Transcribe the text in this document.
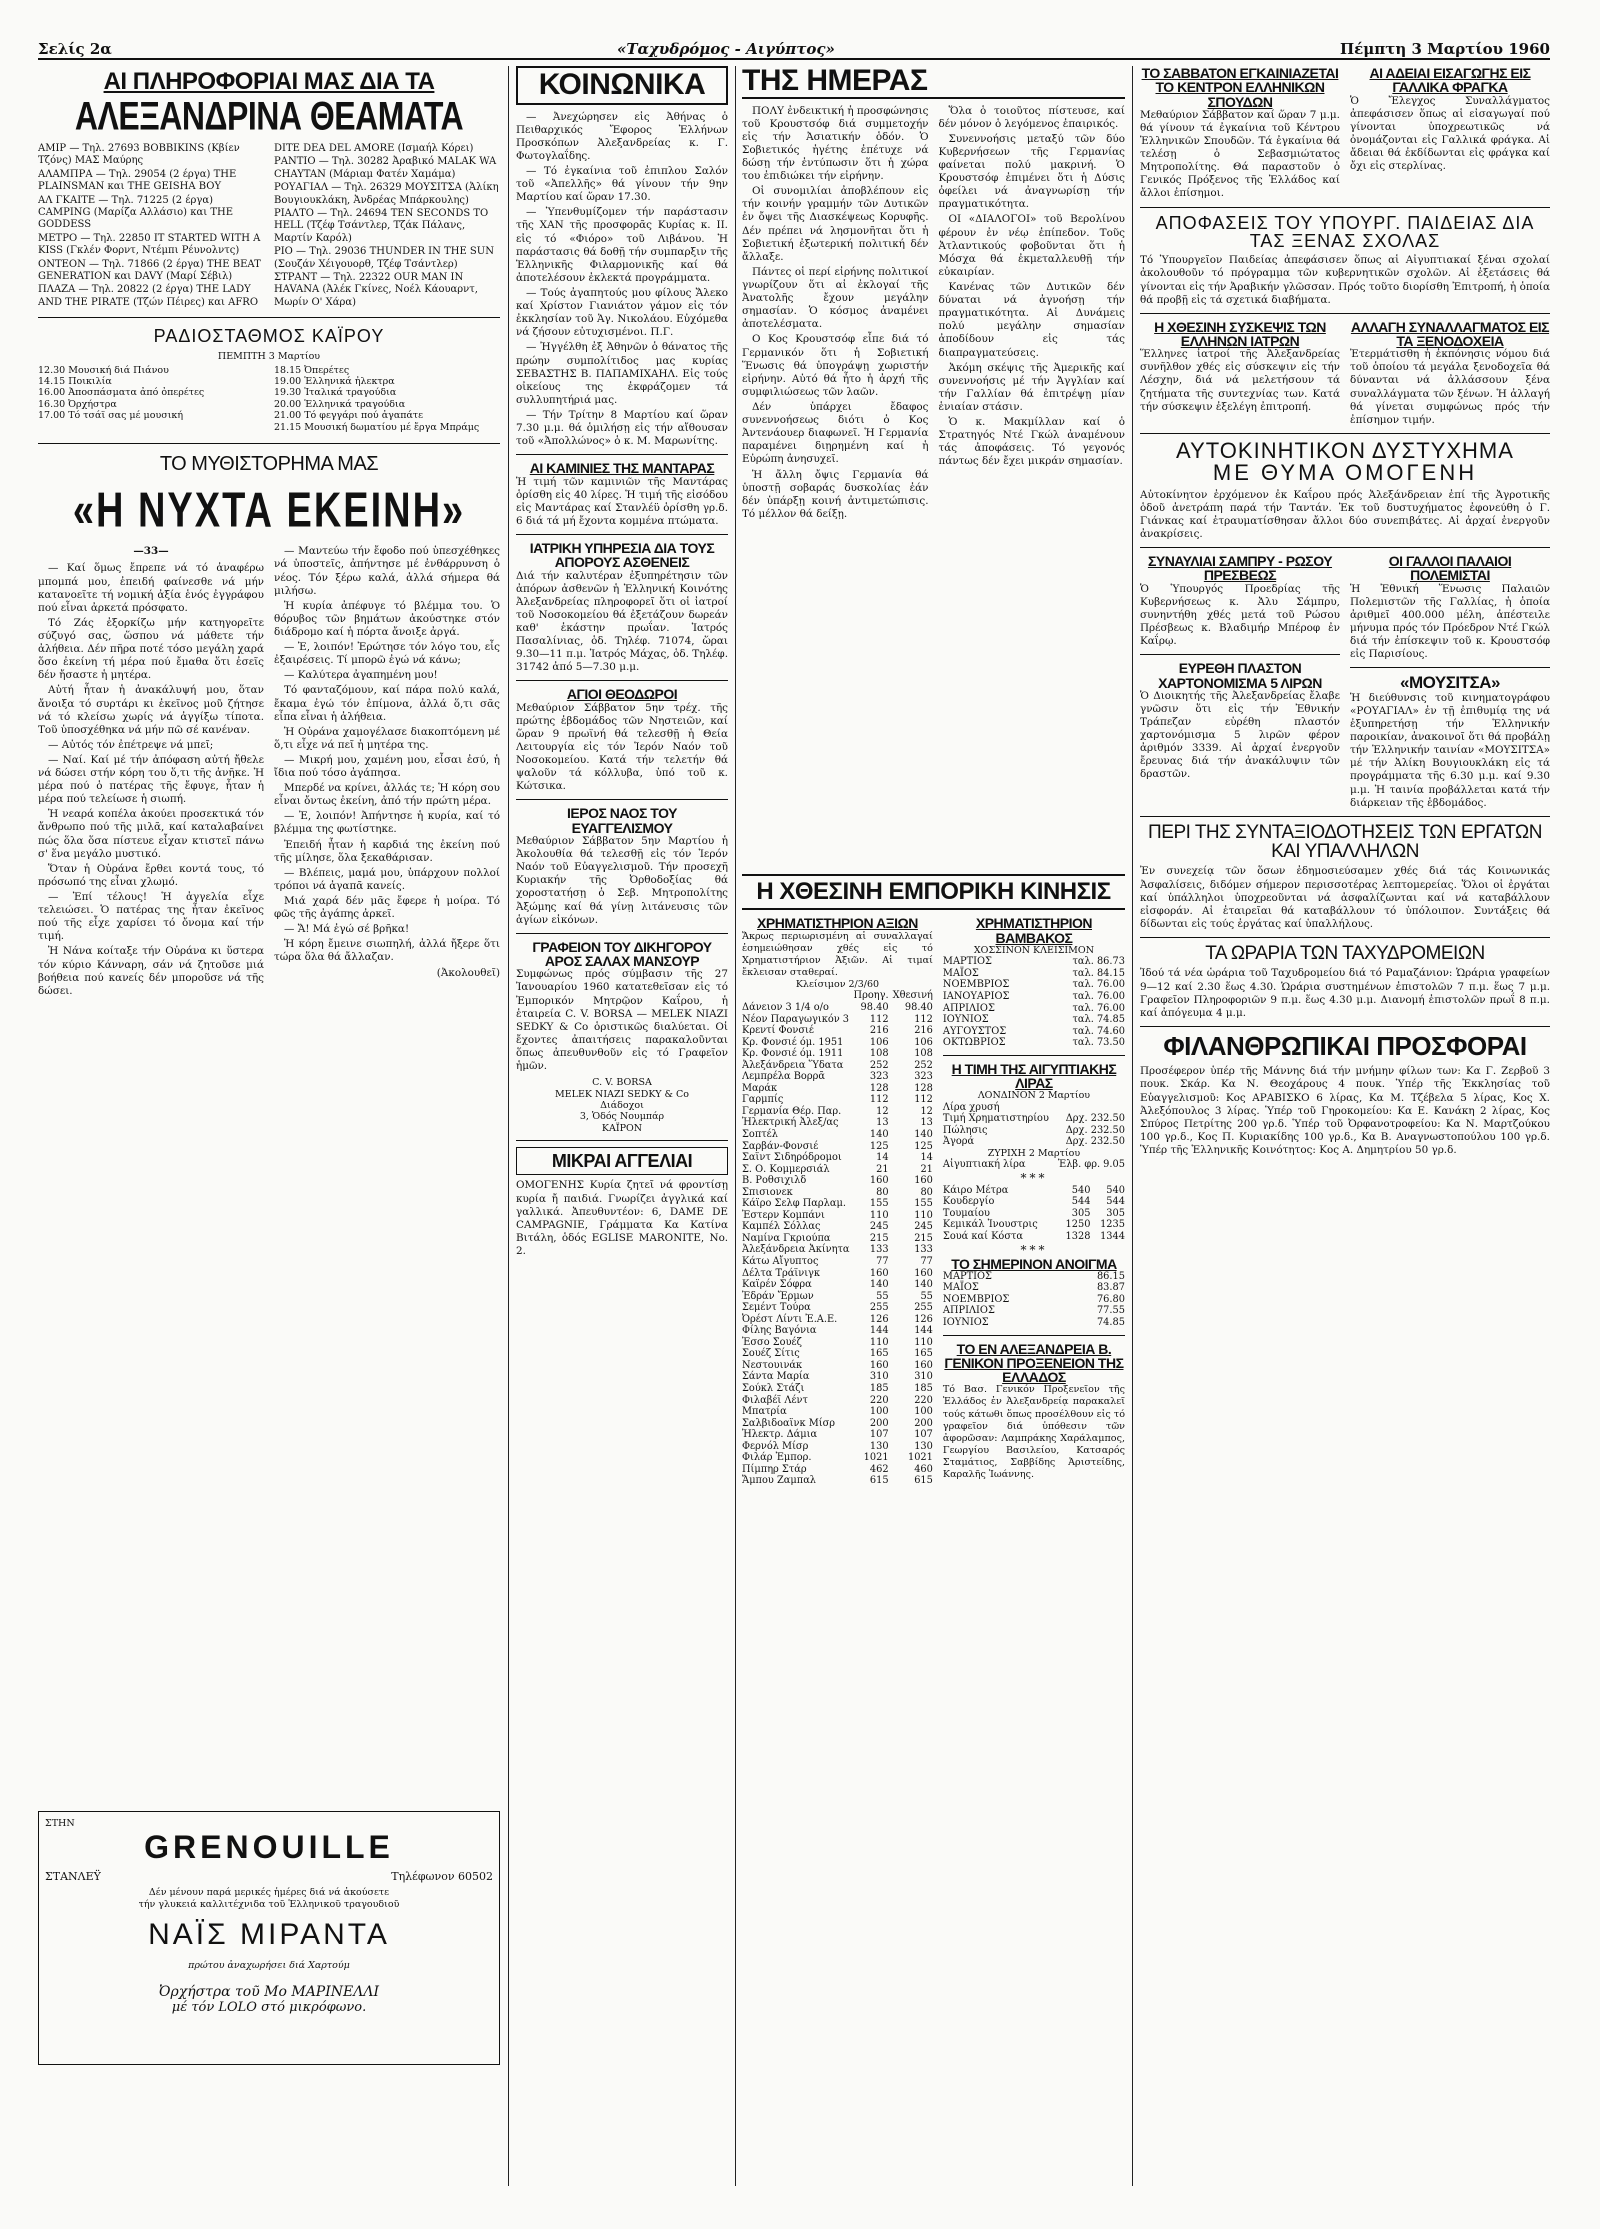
Σελίς 2α	«Ταχυδρόμος - Αιγύπτος»	Πέμπτη 3 Μαρτίου 1960
ΑΙ ΠΛΗΡΟΦΟΡΙΑΙ ΜΑΣ ΔΙΑ ΤΑ
ΑΛΕΞΑΝΔΡΙΝΑ ΘΕΑΜΑΤΑ
ΑΜΙΡ — Τηλ. 27693 BOBBIKINS (Κβίεν Τζόνς) ΜΑΣ Μαύρης
ΑΛΑΜΠΡΑ — Τηλ. 29054 (2 έργα) THE PLAINSMAN και THE GEISHA BOY
ΑΛ ΓΚΑΙΤΕ — Τηλ. 71225 (2 έργα) CAMPING (Μαρίζα Αλλάσιο) και THE GODDESS
ΜΕΤΡΟ — Τηλ. 22850 IT STARTED WITH A KISS (Γκλέν Φορντ, Ντέμπι Ρέυνολντς)
ΟΝΤΕΟΝ — Τηλ. 71866 (2 έργα) THE BEAT GENERATION και DAVY (Μαρί Σέβιλ)
ΠΛΑΖΑ — Τηλ. 20822 (2 έργα) THE LADY AND THE PIRATE (Τζών Πέιρες) και AFRO
DITE DEA DEL AMORE (Ισμαήλ Κόρει)
ΡΑΝΤΙΟ — Τηλ. 30282 Ἀραβικό MALAK WA CHAYTAN (Μάριαμ Φατέν Χαμάμα)
ΡΟΥΑΓΙΑΛ — Τηλ. 26329 ΜΟΥΣΙΤΣΑ (Ἀλίκη Βουγιουκλάκη, Ἀνδρέας Μπάρκουλης)
ΡΙΑΛΤΟ — Τηλ. 24694 TEN SECONDS TO HELL (Τζέφ Τσάντλερ, Τζάκ Πάλανς, Μαρτίν Καρόλ)
ΡΙΟ — Τηλ. 29036 THUNDER IN THE SUN (Σουζάν Χέιγουορθ, Τζέφ Τσάντλερ)
ΣΤΡΑΝΤ — Τηλ. 22322 OUR MAN IN HAVANA (Ἀλέκ Γκίνες, Νοέλ Κάουαρντ, Μωρίν Ο' Χάρα)
ΡΑΔΙΟΣΤΑΘΜΟΣ ΚΑΪΡΟΥ
ΠΕΜΠΤΗ 3 Μαρτίου
12.30 Μουσική διά Πιάνου
14.15 Ποικιλία
16.00 Ἀποσπάσματα ἀπό ὀπερέτες
16.30 Ὀρχήστρα
17.00 Τό τσάϊ σας μέ μουσική
18.15 Ὀπερέτες
19.00 Ἑλληνικά ἠλεκτρα
19.30 Ἰταλικά τραγούδια
20.00 Ἑλληνικά τραγούδια
21.00 Τό φεγγάρι πού ἀγαπάτε
21.15 Μουσική δωματίου μέ ἔργα Μπράμς
ΤΟ ΜΥΘΙΣΤΟΡΗΜΑ ΜΑΣ
«Η ΝΥΧΤΑ ΕΚΕΙΝΗ»
—33—

— Καί ὅμως ἔπρεπε νά τό ἀναφέρω μπομπά μου, ἐπειδή φαίνεσθε νά μήν κατανοεῖτε τή νομική ἀξία ἑνός ἐγγράφου πού εἶναι ἀρκετά πρόσφατο.

Τό Ζάς ἐξορκίζω μήν κατηγορεῖτε σύζυγό σας, ὥσπου νά μάθετε τήν ἀλήθεια. Δέν πῆρα ποτέ τόσο μεγάλη χαρά ὅσο ἐκείνη τή μέρα πού ἔμαθα ὅτι ἐσεῖς δέν ἤσαστε ἡ μητέρα.

Αὐτή ἦταν ἡ ἀνακάλυψή μου, ὅταν ἄνοιξα τό συρτάρι κι ἐκεῖνος μοῦ ζήτησε νά τό κλείσω χωρίς νά ἀγγίξω τίποτα. Τοῦ ὑποσχέθηκα νά μήν πῶ σέ κανέναν.

— Αὐτός τόν ἐπέτρεψε νά μπεῖ;

— Ναί. Καί μέ τήν ἀπόφαση αὐτή ἤθελε νά δώσει στήν κόρη του ὅ,τι τῆς ἀνῆκε. Ἡ μέρα πού ὁ πατέρας τῆς ἔφυγε, ἦταν ἡ μέρα πού τελείωσε ἡ σιωπή.

Ἡ νεαρά κοπέλα ἀκούει προσεκτικά τόν ἄνθρωπο πού τῆς μιλᾶ, καί καταλαβαίνει πώς ὅλα ὅσα πίστευε εἶχαν κτιστεῖ πάνω σ' ἕνα μεγάλο μυστικό.

Ὅταν ἡ Οὐράνα ἔρθει κοντά τους, τό πρόσωπό της εἶναι χλωμό.

— Ἐπί τέλους! Ἡ ἀγγελία εἶχε τελειώσει. Ὁ πατέρας της ἦταν ἐκεῖνος πού τῆς εἶχε χαρίσει τό ὄνομα καί τήν τιμή.

Ἡ Νάνα κοίταξε τήν Οὐράνα κι ὕστερα τόν κύριο Κάνναρη, σάν νά ζητοῦσε μιά βοήθεια πού κανείς δέν μποροῦσε νά τῆς δώσει.

— Μαντεύω τήν ἔφοδο πού ὑπεσχέθηκες νά ὑποστεῖς, ἀπήντησε μέ ἐνθάρρυνση ὁ νέος. Τόν ξέρω καλά, ἀλλά σήμερα θά μιλήσω.

Ἡ κυρία ἀπέφυγε τό βλέμμα του. Ὁ θόρυβος τῶν βημάτων ἀκούστηκε στόν διάδρομο καί ἡ πόρτα ἄνοιξε ἀργά.

— Ἐ, λοιπόν! Ἐρώτησε τόν λόγο του, εἶς ἐξαιρέσεις. Τί μπορῶ ἐγώ νά κάνω;

— Καλύτερα ἀγαπημένη μου!

Τό φανταζόμουν, καί πάρα πολύ καλά, ἔκαμα ἐγώ τόν ἐπίμονα, ἀλλά ὅ,τι σᾶς εἶπα εἶναι ἡ ἀλήθεια.

Ἡ Οὐράνα χαμογέλασε διακοπτόμενη μέ ὅ,τι εἶχε νά πεῖ ἡ μητέρα της.

— Μικρή μου, χαμένη μου, εἶσαι ἐσύ, ἡ ἴδια πού τόσο ἀγάπησα.

Μπερδέ να κρίνει, ἀλλάς τε; Ἡ κόρη σου εἶναι ὄντως ἐκείνη, ἀπό τήν πρώτη μέρα.

— Ἐ, λοιπόν! Ἀπήντησε ἡ κυρία, καί τό βλέμμα της φωτίστηκε.

Ἐπειδή ἦταν ἡ καρδιά της ἐκείνη πού τῆς μίλησε, ὅλα ξεκαθάρισαν.

— Βλέπεις, μαμά μου, ὑπάρχουν πολλοί τρόποι νά ἀγαπᾶ κανείς.

Μιά χαρά δέν μᾶς ἔφερε ἡ μοίρα. Τό φῶς τῆς ἀγάπης ἀρκεῖ.

— Ἄ! Μά ἐγώ σέ βρῆκα!

Ἡ κόρη ἔμεινε σιωπηλή, ἀλλά ἤξερε ὅτι τώρα ὅλα θά ἄλλαζαν.

(Ἀκολουθεῖ)
ΣΤΗΝ
GRENOUILLE
ΣΤΑΝΛΕΫ	Τηλέφωνον 60502
Δέν μένουν παρά μερικές ἡμέρες διά νά ἀκούσετε
τήν γλυκειά καλλιτέχνιδα τοῦ Ἑλληνικοῦ τραγουδιοῦ
ΝΑΪΣ ΜΙΡΑΝΤΑ
πρώτου ἀναχωρήσει διά Χαρτούμ
Ὀρχήστρα τοῦ Μο ΜΑΡΙΝΕΛΛΙ
μέ τόν LOLO στό μικρόφωνο.
ΚΟΙΝΩΝΙΚΑ

— Ἀνεχώρησεν εἰς Ἀθήνας ὁ Πειθαρχικός Ἔφορος Ἑλλήνων Προσκόπων Ἀλεξανδρείας κ. Γ. Φωτογλαΐδης.

— Τό ἐγκαίνια τοῦ ἐπιπλου Σαλόν τοῦ «Ἀπελλῆς» θά γίνουν τήν 9ην Μαρτίου καί ὥραν 17.30.

— Ὑπενθυμίζομεν τήν παράστασιν τῆς ΧΑΝ τῆς προσφορᾶς Κυρίας κ. ΙΙ. εἰς τό «Φιόρο» τοῦ Λιβάνου. Ἡ παράστασις θά δοθῇ τήν συμπαρξιν τῆς Ἑλληνικῆς Φιλαρμονικῆς καί θά ἀποτελέσουν ἐκλεκτά προγράμματα.

— Τούς ἀγαπητούς μου φίλους Ἄλεκο καί Χρίστον Γιανιάτον γάμον εἰς τόν ἐκκλησίαν τοῦ Ἁγ. Νικολάου. Εὐχόμεθα νά ζήσουν εὐτυχισμένοι. Π.Γ.

— Ἠγγέλθη ἐξ Ἀθηνῶν ὁ θάνατος τῆς πρώην συμπολίτιδος μας κυρίας ΣΕΒΑΣΤΗΣ Β. ΠΑΠΑΜΙΧΑΗΛ. Εἰς τούς οἰκείους της ἐκφράζομεν τά συλλυπητήριά μας.

— Τήν Τρίτην 8 Μαρτίου καί ὥραν 7.30 μ.μ. θά ὁμιλήσῃ εἰς τήν αἴθουσαν τοῦ «Ἀπολλώνος» ὁ κ. Μ. Μαρωνίτης.

ΑΙ ΚΑΜΙΝΙΕΣ ΤΗΣ ΜΑΝΤΑΡΑΣ
Ἡ τιμή τῶν καμινιῶν τῆς Μαντάρας ὁρίσθη εἰς 40 λίρες. Ἡ τιμή τῆς εἰσόδου εἰς Μαντάρας καί Στανλέϋ ὁρίσθη γρ.δ. 6 διά τά μή ἔχοντα κομμένα πτώματα.
ΙΑΤΡΙΚΗ ΥΠΗΡΕΣΙΑ ΔΙΑ ΤΟΥΣ ΑΠΟΡΟΥΣ ΑΣΘΕΝΕΙΣ
Διά τήν καλυτέραν ἐξυπηρέτησιν τῶν ἀπόρων ἀσθενῶν ἡ Ἑλληνική Κοινότης Ἀλεξανδρείας πληροφορεῖ ὅτι οἱ ἰατροί τοῦ Νοσοκομείου θά ἐξετάζουν δωρεάν καθ' ἑκάστην πρωΐαν. Ἰατρός Πασαλίνιας, ὁδ. Τηλέφ. 71074, ὥραι 9.30—11 π.μ. Ἰατρός Μάχας, ὁδ. Τηλέφ. 31742 ἀπό 5—7.30 μ.μ.
ΑΓΙΟΙ ΘΕΟΔΩΡΟΙ
Μεθαύριον Σάββατον 5ην τρέχ. τῆς πρώτης ἑβδομάδος τῶν Νηστειῶν, καί ὥραν 9 πρωϊνή θά τελεσθῇ ἡ Θεία Λειτουργία εἰς τόν Ἱερόν Ναόν τοῦ Νοσοκομείου. Κατά τήν τελετήν θά ψαλοῦν τά κόλλυβα, ὑπό τοῦ κ. Κώτσικα.
ΙΕΡΟΣ ΝΑΟΣ ΤΟΥ ΕΥΑΓΓΕΛΙΣΜΟΥ
Μεθαύριον Σάββατον 5ην Μαρτίου ἡ Ἀκολουθία θά τελεσθῇ εἰς τόν Ἱερόν Ναόν τοῦ Εὐαγγελισμοῦ. Τήν προσεχῆ Κυριακήν τῆς Ὀρθοδοξίας θά χοροστατήσῃ ὁ Σεβ. Μητροπολίτης Ἀξώμης καί θά γίνῃ λιτάνευσις τῶν ἁγίων εἰκόνων.
ΓΡΑΦΕΙΟΝ ΤΟΥ ΔΙΚΗΓΟΡΟΥ ΑΡΟΣ ΣΑΛΑΧ ΜΑΝΣΟΥΡ
Συμφώνως πρός σύμβασιν τῆς 27 Ἰανουαρίου 1960 κατατεθεῖσαν εἰς τό Ἐμπορικόν Μητρῷον Καΐρου, ἡ ἑταιρεία C. V. BORSA — MELEK NIAZI SEDKY & Co ὁριστικῶς διαλύεται. Οἱ ἔχοντες ἀπαιτήσεις παρακαλοῦνται ὅπως ἀπευθυνθοῦν εἰς τό Γραφεῖον ἡμῶν.
C. V. BORSA
MELEK NIAZI SEDKY & Co
Διάδοχοι
3, Ὁδός Νουμπάρ
ΚΑΪΡΟΝ
ΜΙΚΡΑΙ ΑΓΓΕΛΙΑΙ
ΟΜΟΓΕΝΗΣ Κυρία ζητεῖ νά φροντίσῃ κυρία ἤ παιδιά. Γνωρίζει ἀγγλικά καί γαλλικά. Ἀπευθυντέον: 6, DAME DE CAMPAGNIE, Γράμματα Κα Κατίνα Βιτάλη, ὁδός EGLISE MARONITE, No. 2.
ΤΗΣ ΗΜΕΡΑΣ

ΠΟΛΥ ἐνδεικτική ἡ προσφώνησις τοῦ Κρουστσόφ διά συμμετοχήν εἰς τήν Ἀσιατικήν ὁδόν. Ὁ Σοβιετικός ἡγέτης ἐπέτυχε νά δώσῃ τήν ἐντύπωσιν ὅτι ἡ χώρα του ἐπιδιώκει τήν εἰρήνην.

Οἱ συνομιλίαι ἀποβλέπουν εἰς τήν κοινήν γραμμήν τῶν Δυτικῶν ἐν ὄψει τῆς Διασκέψεως Κορυφῆς. Δέν πρέπει νά λησμονῆται ὅτι ἡ Σοβιετική ἐξωτερική πολιτική δέν ἄλλαξε.

Πάντες οἱ περί εἰρήνης πολιτικοί γνωρίζουν ὅτι αἱ ἐκλογαί τῆς Ἀνατολῆς ἔχουν μεγάλην σημασίαν. Ὁ κόσμος ἀναμένει ἀποτελέσματα.

Ο Κος Κρουστσόφ εἶπε διά τό Γερμανικόν ὅτι ἡ Σοβιετική Ἕνωσις θά ὑπογράψῃ χωριστήν εἰρήνην. Αὐτό θά ἦτο ἡ ἀρχή τῆς συμφιλιώσεως τῶν λαῶν.

Δέν ὑπάρχει ἔδαφος συνεννοήσεως διότι ὁ Κος Ἀντενάουερ διαφωνεῖ. Ἡ Γερμανία παραμένει διῃρημένη καί ἡ Εὐρώπη ἀνησυχεῖ.

Ἡ ἄλλη ὄψις Γερμανία θά ὑποστῇ σοβαράς δυσκολίας ἐάν δέν ὑπάρξῃ κοινή ἀντιμετώπισις. Τό μέλλον θά δείξῃ.

Ὅλα ὁ τοιοῦτος πίστευσε, καί δέν μόνον ὁ λεγόμενος ἐπαιρικός.

Συνεννοήσις μεταξύ τῶν δύο Κυβερνήσεων τῆς Γερμανίας φαίνεται πολύ μακρινή. Ὁ Κρουστσόφ ἐπιμένει ὅτι ἡ Δύσις ὀφείλει νά ἀναγνωρίσῃ τήν πραγματικότητα.

ΟΙ «ΔΙΑΛΟΓΟΙ» τοῦ Βερολίνου φέρουν ἐν νέῳ ἐπίπεδον. Τοῦς Ἀτλαντικούς φοβοῦνται ὅτι ἡ Μόσχα θά ἐκμεταλλευθῇ τήν εὐκαιρίαν.

Κανένας τῶν Δυτικῶν δέν δύναται νά ἀγνοήσῃ τήν πραγματικότητα. Αἱ Δυνάμεις πολύ μεγάλην σημασίαν ἀποδίδουν εἰς τάς διαπραγματεύσεις.

Ἀκόμη σκέψις τῆς Ἀμερικῆς καί συνεννοήσις μέ τήν Ἀγγλίαν καί τήν Γαλλίαν θά ἐπιτρέψῃ μίαν ἑνιαίαν στάσιν.

Ὁ κ. Μακμίλλαν καί ὁ Στρατηγός Ντέ Γκώλ ἀναμένουν τάς ἀποφάσεις. Τό γεγονός πάντως δέν ἔχει μικράν σημασίαν.

Η ΧΘΕΣΙΝΗ ΕΜΠΟΡΙΚΗ ΚΙΝΗΣΙΣ
ΧΡΗΜΑΤΙΣΤΗΡΙΟΝ ΑΞΙΩΝ
Ἄκρως περιωρισμένη αἱ συναλλαγαί ἐσημειώθησαν χθές εἰς τό Χρηματιστήριον Ἀξιῶν. Αἱ τιμαί ἔκλεισαν σταθεραί.
Κλείσιμον 2/3/60
	Προηγ.	Χθεσινή
Δάνειον 3 1/4 ο/ο	98.40	98.40
Νέον Παραγωγικόν 3	112	112
Κρεντί Φονσιέ	216	216
Κρ. Φονσιέ όμ. 1951	106	106
Κρ. Φονσιέ όμ. 1911	108	108
Ἀλεξάνδρεια Ὕδατα	252	252
Λεμπρέλα Βορρᾶ	323	323
Μαράκ	128	128
Γαρμπίς	112	112
Γερμανία Θέρ. Παρ.	12	12
Ἠλεκτρική Ἀλεξ/ας	13	13
Σοπτέλ	140	140
Σαρβάν-Φονσιέ	125	125
Σαϊντ Σιδηρόδρομοι	14	14
Σ. Ο. Κομμερσιάλ	21	21
Β. Ροθσιχιλδ	160	160
Σπισιονεκ	80	80
Κάϊρο Σελφ Παρλαμ.	155	155
Ἐστερν Κομπάνι	110	110
Καμπέλ Σόλλας	245	245
Ναμίνα Γκριούπα	215	215
Ἀλεξάνδρεια Ἀκίνητα	133	133
Κάτω Αἴγυπτος	77	77
Δέλτα Τράϊνιγκ	160	160
Καϊρέν Σόφρα	140	140
Ἐδράν Ἔρμων	55	55
Σεμέντ Τούρα	255	255
Ὀρέστ Λίντι Ἐ.Α.Ε.	126	126
Φίλης Βαγόνια	144	144
Ἐσσο Σουέζ	110	110
Σουέζ Σίτις	165	165
Νεστουινάκ	160	160
Σάντα Μαρία	310	310
Σούκλ Στάζι	185	185
Φιλαβέϊ Λέντ	220	220
Μπατρία	100	100
Σαλβιδοαϊνκ Μίσρ	200	200
Ἠλεκτρ. Δάμια	107	107
Φερνόλ Μίσρ	130	130
Φιλάρ Ἐμπορ.	1021	1021
Πίμπηρ Στάρ	462	460
Ἄμπου Ζαμπαλ	615	615
ΧΡΗΜΑΤΙΣΤΗΡΙΟΝ ΒΑΜΒΑΚΟΣ
ΧΟΣΣΙΝΟΝ ΚΛΕΙΣΙΜΟΝ
ΜΑΡΤΙΟΣ	ταλ. 86.73
ΜΑΪΟΣ	ταλ. 84.15
ΝΟΕΜΒΡΙΟΣ	ταλ. 76.00
ΙΑΝΟΥΑΡΙΟΣ	ταλ. 76.00
ΑΠΡΙΛΙΟΣ	ταλ. 76.00
ΙΟΥΝΙΟΣ	ταλ. 74.85
ΑΥΓΟΥΣΤΟΣ	ταλ. 74.60
ΟΚΤΩΒΡΙΟΣ	ταλ. 73.50
Η ΤΙΜΗ ΤΗΣ ΑΙΓΥΠΤΙΑΚΗΣ ΛΙΡΑΣ
ΛΟΝΔΙΝΟΝ 2 Μαρτίου
Λίρα χρυσή	
Τιμή Χρηματιστηρίου	Δρχ. 232.50
Πώλησις	Δρχ. 232.50
Ἀγορά	Δρχ. 232.50
ΖΥΡΙΧΗ 2 Μαρτίου
Αἰγυπτιακή λίρα	Ἑλβ. φρ. 9.05
***
Κάιρο Μέτρα	540	540
Κουδεργίο	544	544
Τουμαίου	305	305
Κεμικάλ Ἰνουστρις	1250	1235
Σουά καί Κόστα	1328	1344
***
ΤΟ ΣΗΜΕΡΙΝΟΝ ΑΝΟΙΓΜΑ
ΜΑΡΤΙΟΣ	86.15
ΜΑΪΟΣ	83.87
ΝΟΕΜΒΡΙΟΣ	76.80
ΑΠΡΙΛΙΟΣ	77.55
ΙΟΥΝΙΟΣ	74.85
ΤΟ ΕΝ ΑΛΕΞΑΝΔΡΕΙΑ Β. ΓΕΝΙΚΟΝ ΠΡΟΞΕΝΕΙΟΝ ΤΗΣ ΕΛΛΑΔΟΣ
Τό Βασ. Γενικόν Προξενεῖον τῆς Ἑλλάδος ἐν Ἀλεξανδρείᾳ παρακαλεῖ τούς κάτωθι ὅπως προσέλθουν εἰς τό γραφεῖον διά ὑπόθεσιν τῶν ἀφορῶσαν: Λαμπράκης Χαράλαμπος, Γεωργίου Βασιλείου, Κατσαρός Σταμάτιος, Σαββίδης Ἀριστείδης, Καραλῆς Ἰωάννης.
ΤΟ ΣΑΒΒΑΤΟΝ ΕΓΚΑΙΝΙΑΖΕΤΑΙ ΤΟ ΚΕΝΤΡΟΝ ΕΛΛΗΝΙΚΩΝ ΣΠΟΥΔΩΝ
Μεθαύριον Σάββατον καί ὥραν 7 μ.μ. θά γίνουν τά ἐγκαίνια τοῦ Κέντρου Ἑλληνικῶν Σπουδῶν. Τά ἐγκαίνια θά τελέσῃ ὁ Σεβασμιώτατος Μητροπολίτης. Θά παραστοῦν ὁ Γενικός Πρόξενος τῆς Ἑλλάδος καί ἄλλοι ἐπίσημοι.
ΑΙ ΑΔΕΙΑΙ ΕΙΣΑΓΩΓΗΣ ΕΙΣ ΓΑΛΛΙΚΑ ΦΡΑΓΚΑ
Ὁ Ἔλεγχος Συναλλάγματος ἀπεφάσισεν ὅπως αἱ εἰσαγωγαί πού γίνονται ὑποχρεωτικῶς νά ὀνομάζονται εἰς Γαλλικά φράγκα. Αἱ ἄδειαι θά ἐκδίδωνται εἰς φράγκα καί ὄχι εἰς στερλίνας.
ΑΠΟΦΑΣΕΙΣ ΤΟΥ ΥΠΟΥΡΓ. ΠΑΙΔΕΙΑΣ ΔΙΑ ΤΑΣ ΞΕΝΑΣ ΣΧΟΛΑΣ
Τό Ὑπουργεῖον Παιδείας ἀπεφάσισεν ὅπως αἱ Αἰγυπτιακαί ξέναι σχολαί ἀκολουθοῦν τό πρόγραμμα τῶν κυβερνητικῶν σχολῶν. Αἱ ἐξετάσεις θά γίνονται εἰς τήν Ἀραβικήν γλῶσσαν. Πρός τοῦτο διορίσθη Ἐπιτροπή, ἡ ὁποία θά προβῇ εἰς τά σχετικά διαβήματα.
Η ΧΘΕΣΙΝΗ ΣΥΣΚΕΨΙΣ ΤΩΝ ΕΛΛΗΝΩΝ ΙΑΤΡΩΝ
Ἕλληνες ἰατροί τῆς Ἀλεξανδρείας συνῆλθον χθές εἰς σύσκεψιν εἰς τήν Λέσχην, διά νά μελετήσουν τά ζητήματα τῆς συντεχνίας των. Κατά τήν σύσκεψιν ἐξελέγη ἐπιτροπή.
ΑΛΛΑΓΗ ΣΥΝΑΛΛΑΓΜΑΤΟΣ ΕΙΣ ΤΑ ΞΕΝΟΔΟΧΕΙΑ
Ἐτερμάτισθη ἡ ἐκπόνησις νόμου διά τοῦ ὁποίου τά μεγάλα ξενοδοχεῖα θά δύνανται νά ἀλλάσσουν ξένα συναλλάγματα τῶν ξένων. Ἡ ἀλλαγή θά γίνεται συμφώνως πρός τήν ἐπίσημον τιμήν.
ΑΥΤΟΚΙΝΗΤΙΚΟΝ ΔΥΣΤΥΧΗΜΑ
ΜΕ ΘΥΜΑ ΟΜΟΓΕΝΗ
Αὐτοκίνητον ἐρχόμενον ἐκ Καΐρου πρός Ἀλεξάνδρειαν ἐπί τῆς Ἀγροτικῆς ὁδοῦ ἀνετράπη παρά τήν Ταντάν. Ἐκ τοῦ δυστυχήματος ἐφονεύθη ὁ Γ. Γιάνκας καί ἐτραυματίσθησαν ἄλλοι δύο συνεπιβάτες. Αἱ ἀρχαί ἐνεργοῦν ἀνακρίσεις.
ΣΥΝΑΥΛΙΑΙ ΣΑΜΠΡΥ - ΡΩΣΟΥ ΠΡΕΣΒΕΩΣ
Ὁ Ὑπουργός Προεδρίας τῆς Κυβερνήσεως κ. Ἀλυ Σάμπρυ, συνηντήθη χθές μετά τοῦ Ρώσου Πρέσβεως κ. Βλαδιμήρ Μπέροφ ἐν Καΐρῳ.
ΕΥΡΕΘΗ ΠΛΑΣΤΟΝ ΧΑΡΤΟΝΟΜΙΣΜΑ 5 ΛΙΡΩΝ
Ὁ Διοικητής τῆς Ἀλεξανδρείας ἔλαβε γνῶσιν ὅτι εἰς τήν Ἐθνικήν Τράπεζαν εὑρέθη πλαστόν χαρτονόμισμα 5 λιρῶν φέρον ἀριθμόν 3339. Αἱ ἀρχαί ἐνεργοῦν ἔρευνας διά τήν ἀνακάλυψιν τῶν δραστῶν.
ΟΙ ΓΑΛΛΟΙ ΠΑΛΑΙΟΙ ΠΟΛΕΜΙΣΤΑΙ
Ἡ Ἐθνική Ἕνωσις Παλαιῶν Πολεμιστῶν τῆς Γαλλίας, ἡ ὁποία ἀριθμεῖ 400.000 μέλη, ἀπέστειλε μήνυμα πρός τόν Πρόεδρον Ντέ Γκώλ διά τήν ἐπίσκεψιν τοῦ κ. Κρουστσόφ εἰς Παρισίους.
«ΜΟΥΣΙΤΣΑ»
Ἡ διεύθυνσις τοῦ κινηματογράφου «ΡΟΥΑΓΙΑΛ» ἐν τῇ ἐπιθυμίᾳ της νά ἐξυπηρετήσῃ τήν Ἑλληνικήν παροικίαν, ἀνακοινοῖ ὅτι θά προβάλῃ τήν Ἑλληνικήν ταινίαν «ΜΟΥΣΙΤΣΑ» μέ τήν Ἀλίκη Βουγιουκλάκη εἰς τά προγράμματα τῆς 6.30 μ.μ. καί 9.30 μ.μ. Ἡ ταινία προβάλλεται κατά τήν διάρκειαν τῆς ἑβδομάδος.
ΠΕΡΙ ΤΗΣ ΣΥΝΤΑΞΙΟΔΟΤΗΣΕΙΣ ΤΩΝ ΕΡΓΑΤΩΝ ΚΑΙ ΥΠΑΛΛΗΛΩΝ
Ἐν συνεχείᾳ τῶν ὅσων ἐδημοσιεύσαμεν χθές διά τάς Κοινωνικάς Ἀσφαλίσεις, διδόμεν σήμερον περισσοτέρας λεπτομερείας. Ὅλοι οἱ ἐργάται καί ὑπάλληλοι ὑποχρεοῦνται νά ἀσφαλίζωνται καί νά καταβάλλουν εἰσφοράν. Αἱ ἑταιρεῖαι θά καταβάλλουν τό ὑπόλοιπον. Συντάξεις θά δίδωνται εἰς τούς ἐργάτας καί ὑπαλλήλους.
ΤΑ ΩΡΑΡΙΑ ΤΩΝ ΤΑΧΥΔΡΟΜΕΙΩΝ
Ἰδού τά νέα ὡράρια τοῦ Ταχυδρομείου διά τό Ραμαζάνιον: Ὡράρια γραφείων 9—12 καί 2.30 ἕως 4.30. Ὡράρια συστημένων ἐπιστολῶν 7 π.μ. ἕως 7 μ.μ. Γραφεῖον Πληροφοριῶν 9 π.μ. ἕως 4.30 μ.μ. Διανομή ἐπιστολῶν πρωΐ 8 π.μ. καί ἀπόγευμα 4 μ.μ.
ΦΙΛΑΝΘΡΩΠΙΚΑΙ ΠΡΟΣΦΟΡΑΙ
Προσέφερον ὑπέρ τῆς Μάννης διά τήν μνήμην φίλων των: Κα Γ. Ζερβοῦ 3 πουκ. Σκάρ. Κα Ν. Θεοχάρους 4 πουκ. Ὑπέρ τῆς Ἐκκλησίας τοῦ Εὐαγγελισμοῦ: Κος ΑΡΑΒΙΣΚΟ 6 λίρας, Κα Μ. Τζέβελα 5 λίρας, Κος Χ. Ἀλεξόπουλος 3 λίρας. Ὑπέρ τοῦ Γηροκομείου: Κα Ε. Κανάκη 2 λίρας, Κος Σπύρος Πετρίτης 200 γρ.δ. Ὑπέρ τοῦ Ὀρφανοτροφείου: Κα Ν. Μαρτζούκου 100 γρ.δ., Κος Π. Κυριακίδης 100 γρ.δ., Κα Β. Αναγνωστοπούλου 100 γρ.δ. Ὑπέρ τῆς Ἑλληνικῆς Κοινότητος: Κος Α. Δημητρίου 50 γρ.δ.
